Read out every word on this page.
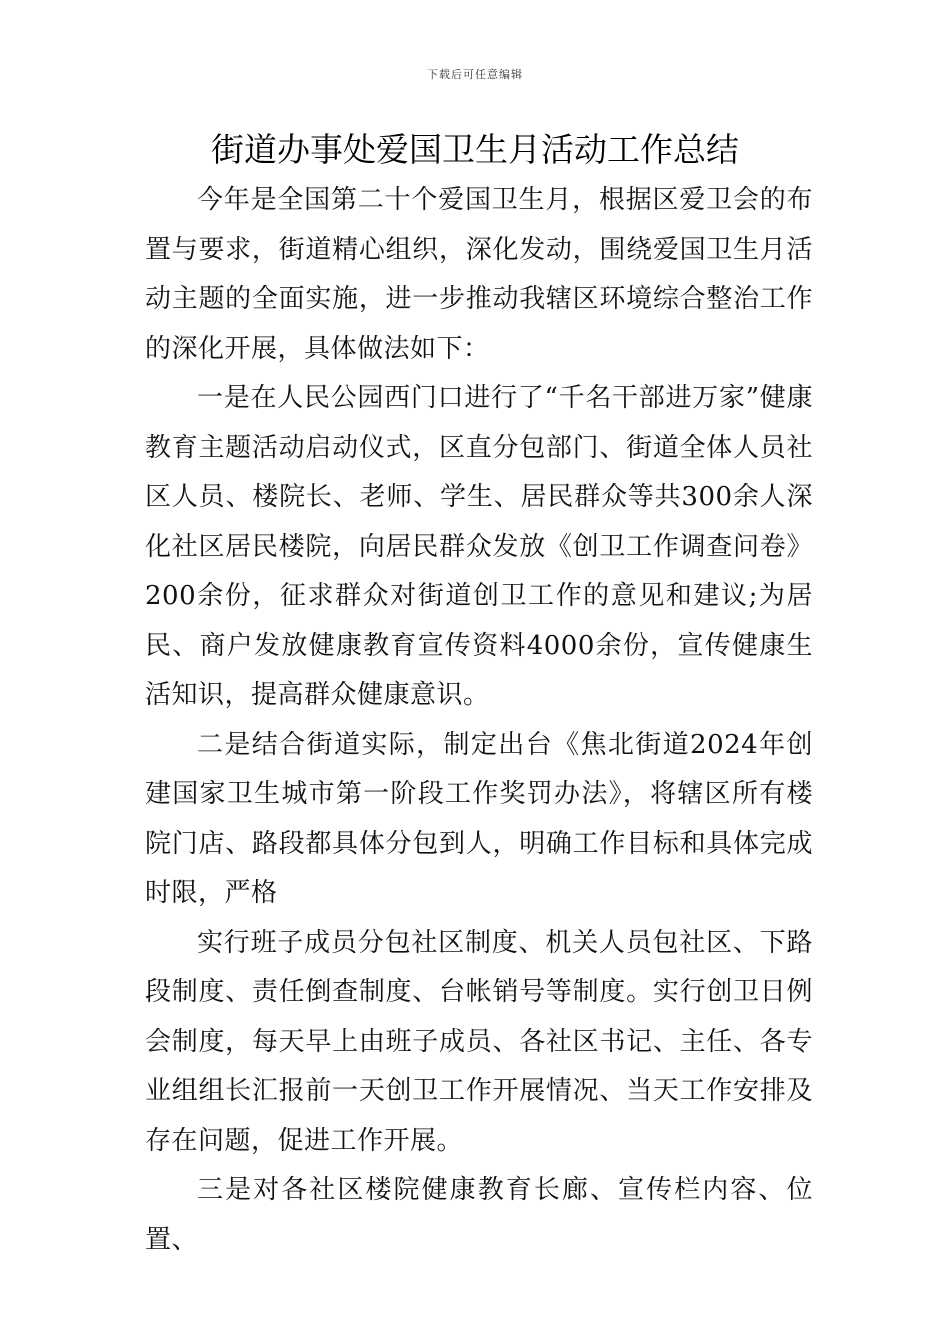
下载后可任意编辑
街道办事处爱国卫生月活动工作总结

今年是全国第二十个爱国卫生月，根据区爱卫会的布置与要求，街道精心组织，深化发动，围绕爱国卫生月活动主题的全面实施，进一步推动我辖区环境综合整治工作的深化开展，具体做法如下：

一是在人民公园西门口进行了“千名干部进万家”健康教育主题活动启动仪式，区直分包部门、街道全体人员社区人员、楼院长、老师、学生、居民群众等共300余人深化社区居民楼院，向居民群众发放《创卫工作调查问卷》200余份，征求群众对街道创卫工作的意见和建议;为居民、商户发放健康教育宣传资料4000余份，宣传健康生活知识，提高群众健康意识。

二是结合街道实际，制定出台《焦北街道2024年创建国家卫生城市第一阶段工作奖罚办法》，将辖区所有楼院门店、路段都具体分包到人，明确工作目标和具体完成时限，严格

实行班子成员分包社区制度、机关人员包社区、下路段制度、责任倒查制度、台帐销号等制度。实行创卫日例会制度，每天早上由班子成员、各社区书记、主任、各专业组组长汇报前一天创卫工作开展情况、当天工作安排及存在问题，促进工作开展。

三是对各社区楼院健康教育长廊、宣传栏内容、位置、
